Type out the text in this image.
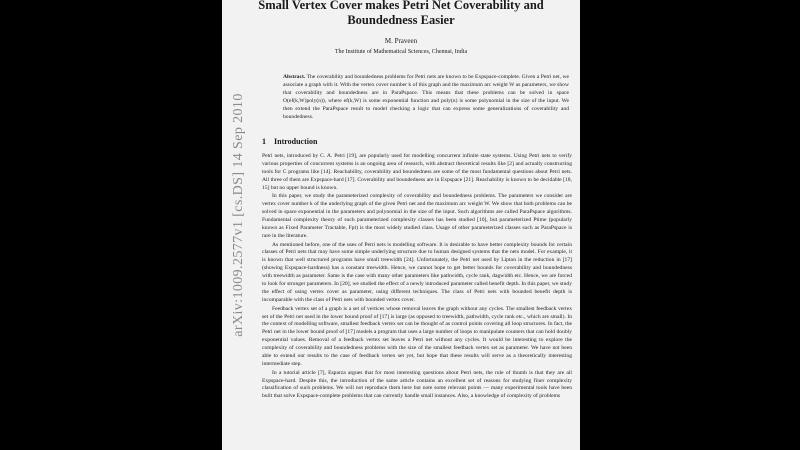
arXiv:1009.2577v1 [cs.DS] 14 Sep 2010
Small Vertex Cover makes Petri Net Coverability and
Boundedness Easier
M. Praveen
The Institute of Mathematical Sciences, Chennai, India
Abstract. The coverability and boundedness problems for Petri nets are known to be Expspace-complete. Given a Petri net, we associate a graph with it. With the vertex cover number k of this graph and the maximum arc weight W as parameters, we show that coverability and boundedness are in ParaPspace. This means that these problems can be solved in space O(ef(k,W)poly(n)), where ef(k,W) is some exponential function and poly(n) is some polynomial in the size of the input. We then extend the ParaPspace result to model checking a logic that can express some generalizations of coverability and boundedness.
1 Introduction

Petri nets, introduced by C. A. Petri [19], are popularly used for modelling concurrent infinite state systems. Using Petri nets to verify various properties of concurrent systems is an ongoing area of research, with abstract theoretical results like [2] and actually constructing tools for C programs like [14]. Reachability, coverability and boundedness are some of the most fundamental questions about Petri nets. All three of them are Expspace-hard [17]. Coverability and boundedness are in Expspace [21]. Reachability is known to be decidable [18, 15] but no upper bound is known.

In this paper, we study the parameterized complexity of coverability and boundedness problems. The parameters we consider are vertex cover number k of the underlying graph of the given Petri net and the maximum arc weight W. We show that both problems can be solved in space exponential in the parameters and polynomial in the size of the input. Such algorithms are called ParaPspace algorithms. Fundamental complexity theory of such parameterized complexity classes has been studied [10], but parameterized Ptime (popularly known as Fixed Parameter Tractable, Fpt) is the most widely studied class. Usage of other parameterized classes such as ParaPspace is rare in the literature.

As mentioned before, one of the uses of Petri nets is modelling software. It is desirable to have better complexity bounds for certain classes of Petri nets that may have some simple underlying structure due to human designed systems that the nets model. For example, it is known that well structured programs have small treewidth [24]. Unfortunately, the Petri net used by Lipton in the reduction in [17] (showing Expspace-hardness) has a constant treewidth. Hence, we cannot hope to get better bounds for coverability and boundedness with treewidth as parameter. Same is the case with many other parameters like pathwidth, cycle rank, dagwidth etc. Hence, we are forced to look for stronger parameters. In [20], we studied the effect of a newly introduced parameter called benefit depth. In this paper, we study the effect of using vertex cover as parameter, using different techniques. The class of Petri nets with bounded benefit depth is incomparable with the class of Petri nets with bounded vertex cover.

Feedback vertex set of a graph is a set of vertices whose removal leaves the graph without any cycles. The smallest feedback vertex set of the Petri net used in the lower bound proof of [17] is large (as opposed to treewidth, pathwidth, cycle rank etc., which are small). In the context of modelling software, smallest feedback vertex set can be thought of as control points covering all loop structures. In fact, the Petri net in the lower bound proof of [17] models a program that uses a large number of loops to manipulate counters that can hold doubly exponential values. Removal of a feedback vertex set leaves a Petri net without any cycles. It would be interesting to explore the complexity of coverability and boundedness problems with the size of the smallest feedback vertex set as parameter. We have not been able to extend our results to the case of feedback vertex set yet, but hope that these results will serve as a theoretically interesting intermediate step.

In a tutorial article [7], Esparza argues that for most interesting questions about Petri nets, the rule of thumb is that they are all Expspace-hard. Despite this, the introduction of the same article contains an excellent set of reasons for studying finer complexity classification of such problems. We will not reproduce them here but note some relevant points — many experimental tools have been built that solve Expspace-complete problems that can currently handle small instances. Also, a knowledge of complexity of problems
